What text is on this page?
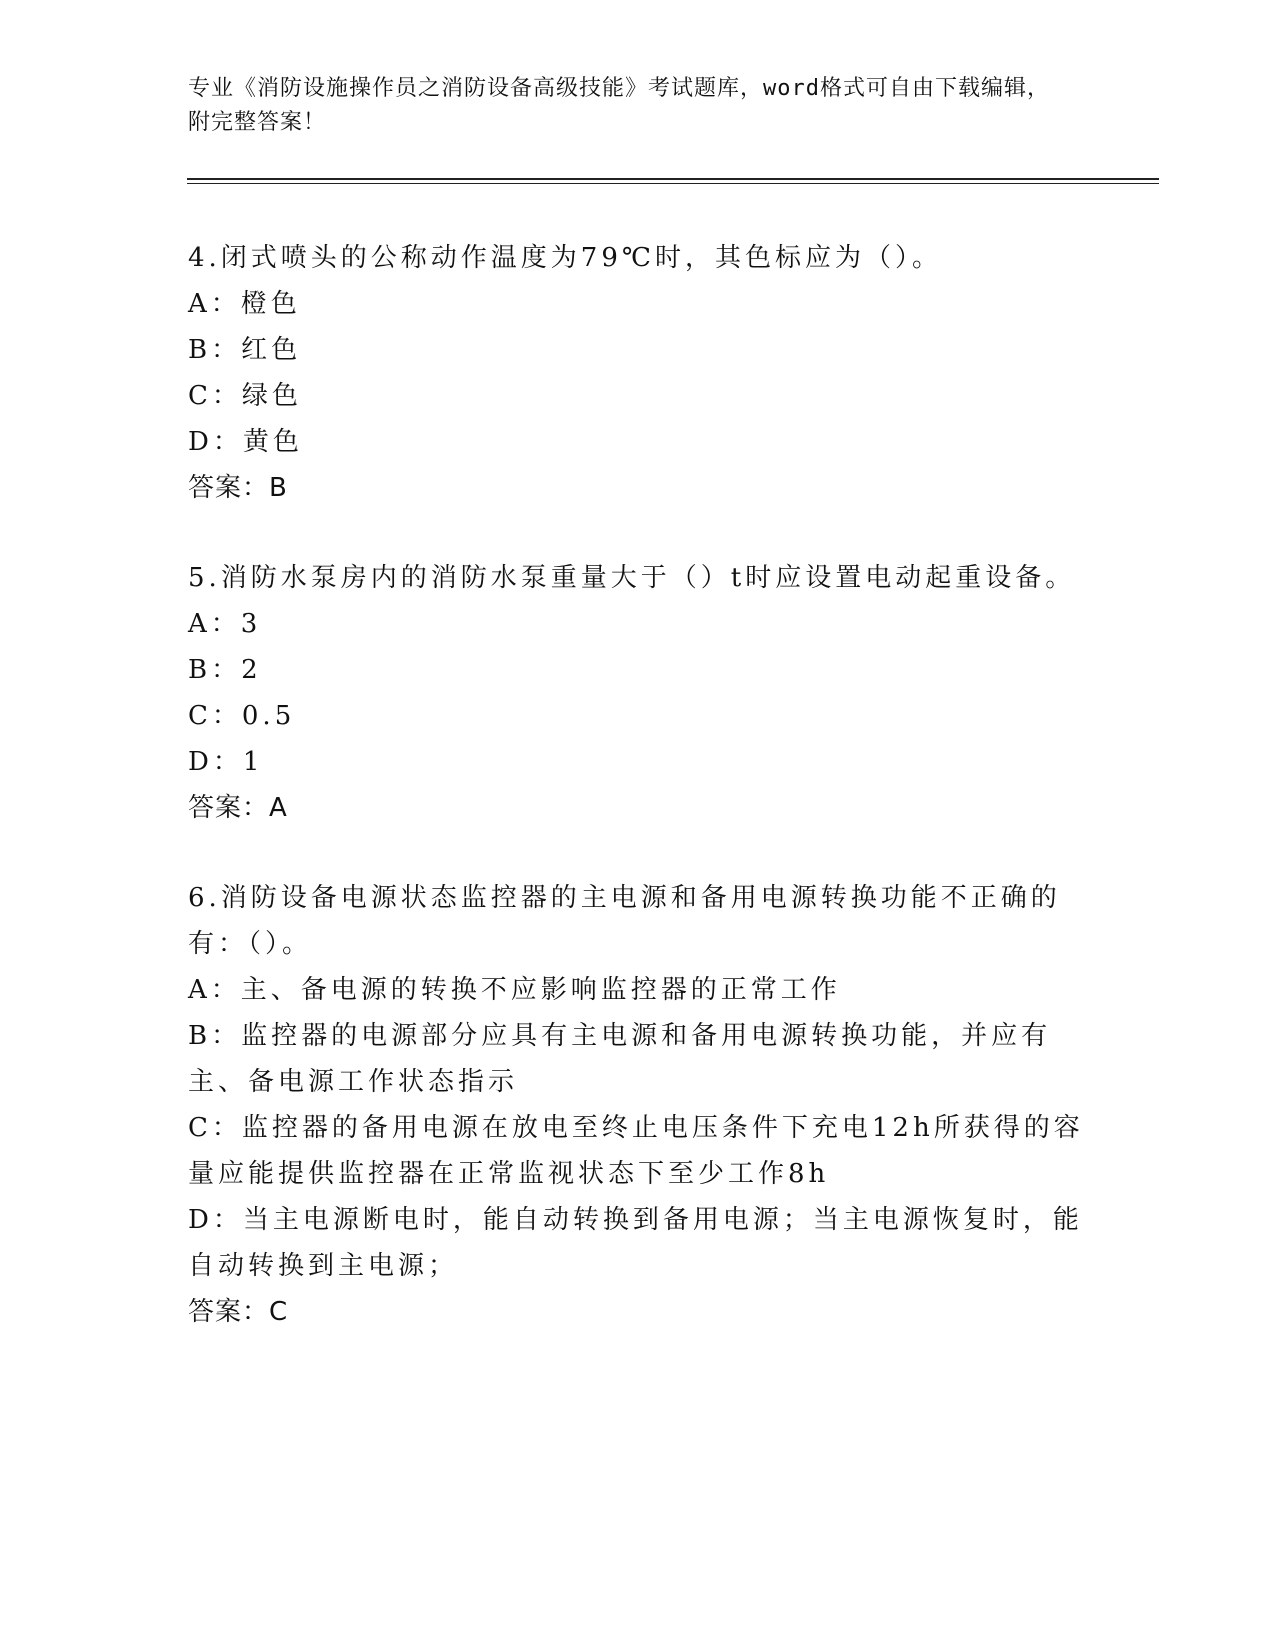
专业《消防设施操作员之消防设备高级技能》考试题库，word格式可自由下载编辑，附完整答案！
4.闭式喷头的公称动作温度为79℃时，其色标应为（）。
A：橙色
B：红色
C：绿色
D：黄色
答案：B
5.消防水泵房内的消防水泵重量大于（）t时应设置电动起重设备。
A：3
B：2
C：0.5
D：1
答案：A
6.消防设备电源状态监控器的主电源和备用电源转换功能不正确的有：（）。
A：主、备电源的转换不应影响监控器的正常工作
B：监控器的电源部分应具有主电源和备用电源转换功能，并应有主、备电源工作状态指示
C：监控器的备用电源在放电至终止电压条件下充电12h所获得的容量应能提供监控器在正常监视状态下至少工作8h
D：当主电源断电时，能自动转换到备用电源；当主电源恢复时，能自动转换到主电源；
答案：C
